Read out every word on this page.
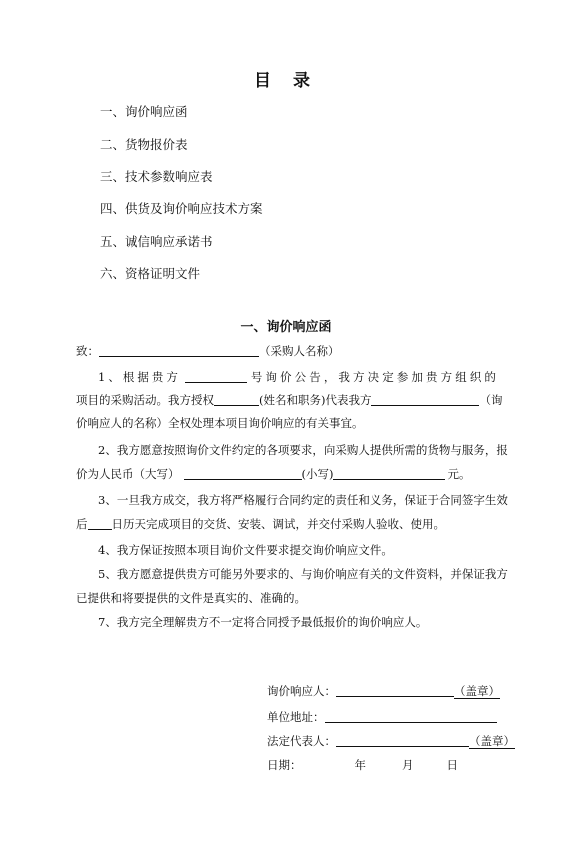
目 录
一、询价响应函
二、货物报价表
三、技术参数响应表
四、供货及询价响应技术方案
五、诚信响应承诺书
六、资格证明文件
一、询价响应函
致：	（采购人名称）
1、根据贵方	号询价公告，我方决定参加贵方组织的
项目的采购活动。我方授权	(姓名和职务)代表我方	（询
价响应人的名称）全权处理本项目询价响应的有关事宜。
2、我方愿意按照询价文件约定的各项要求，向采购人提供所需的货物与服务，报
价为人民币（大写）	(小写)	元。
3、一旦我方成交，我方将严格履行合同约定的责任和义务，保证于合同签字生效
后 日历天完成项目的交货、安装、调试，并交付采购人验收、使用。
4、我方保证按照本项目询价文件要求提交询价响应文件。
5、我方愿意提供贵方可能另外要求的、与询价响应有关的文件资料，并保证我方
已提供和将要提供的文件是真实的、准确的。
7、我方完全理解贵方不一定将合同授予最低报价的询价响应人。
询价响应人：	（盖章）
单位地址：
法定代表人：	（盖章）
日期：	年	月	日
